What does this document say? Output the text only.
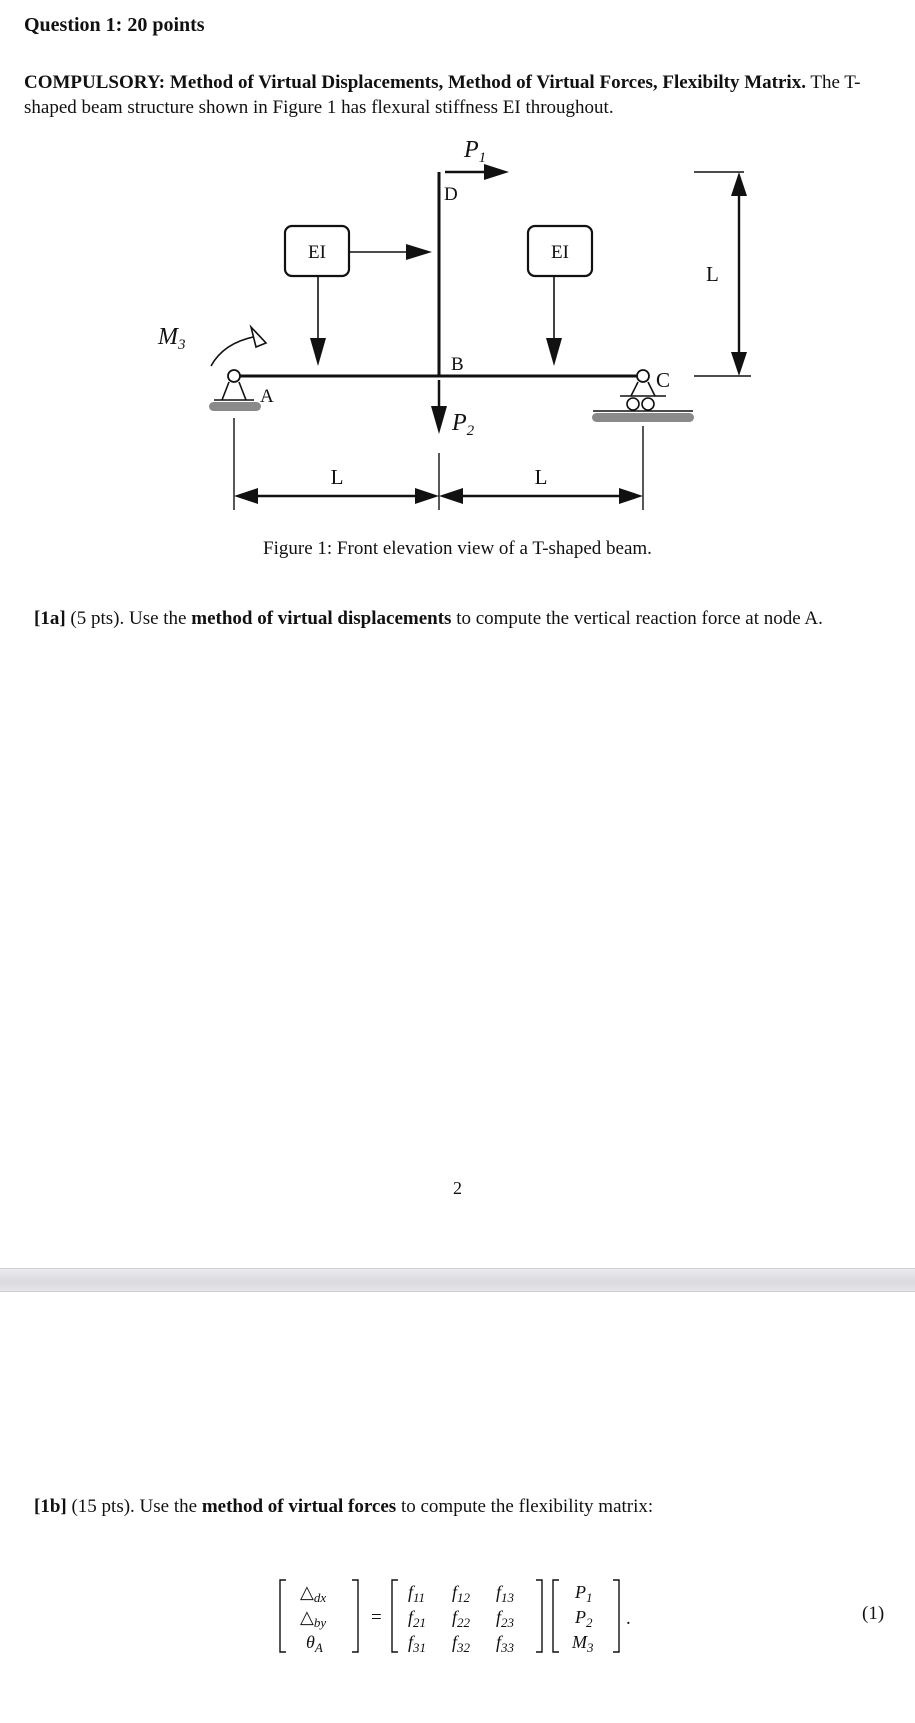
Question 1: 20 points
COMPULSORY: Method of Virtual Displacements, Method of Virtual Forces, Flexibilty Matrix. The T-shaped beam structure shown in Figure 1 has flexural stiffness EI throughout.
$P_1$
D
EI	EI
B
$P_2$
$M_3$
A
C
L
L	L
Figure 1: Front elevation view of a T-shaped beam.
[1a] (5 pts). Use the method of virtual displacements to compute the vertical reaction force at node A.
2
[1b] (15 pts). Use the method of virtual forces to compute the flexibility matrix:
$\triangle_{dx}$
$\triangle_{by}$
$\theta_A$
=
$f_{11}$ $f_{12}$ $f_{13}$
$f_{21}$ $f_{22}$ $f_{23}$
$f_{31}$ $f_{32}$ $f_{33}$
$P_1$
$P_2$
$M_3$
.	(1)
